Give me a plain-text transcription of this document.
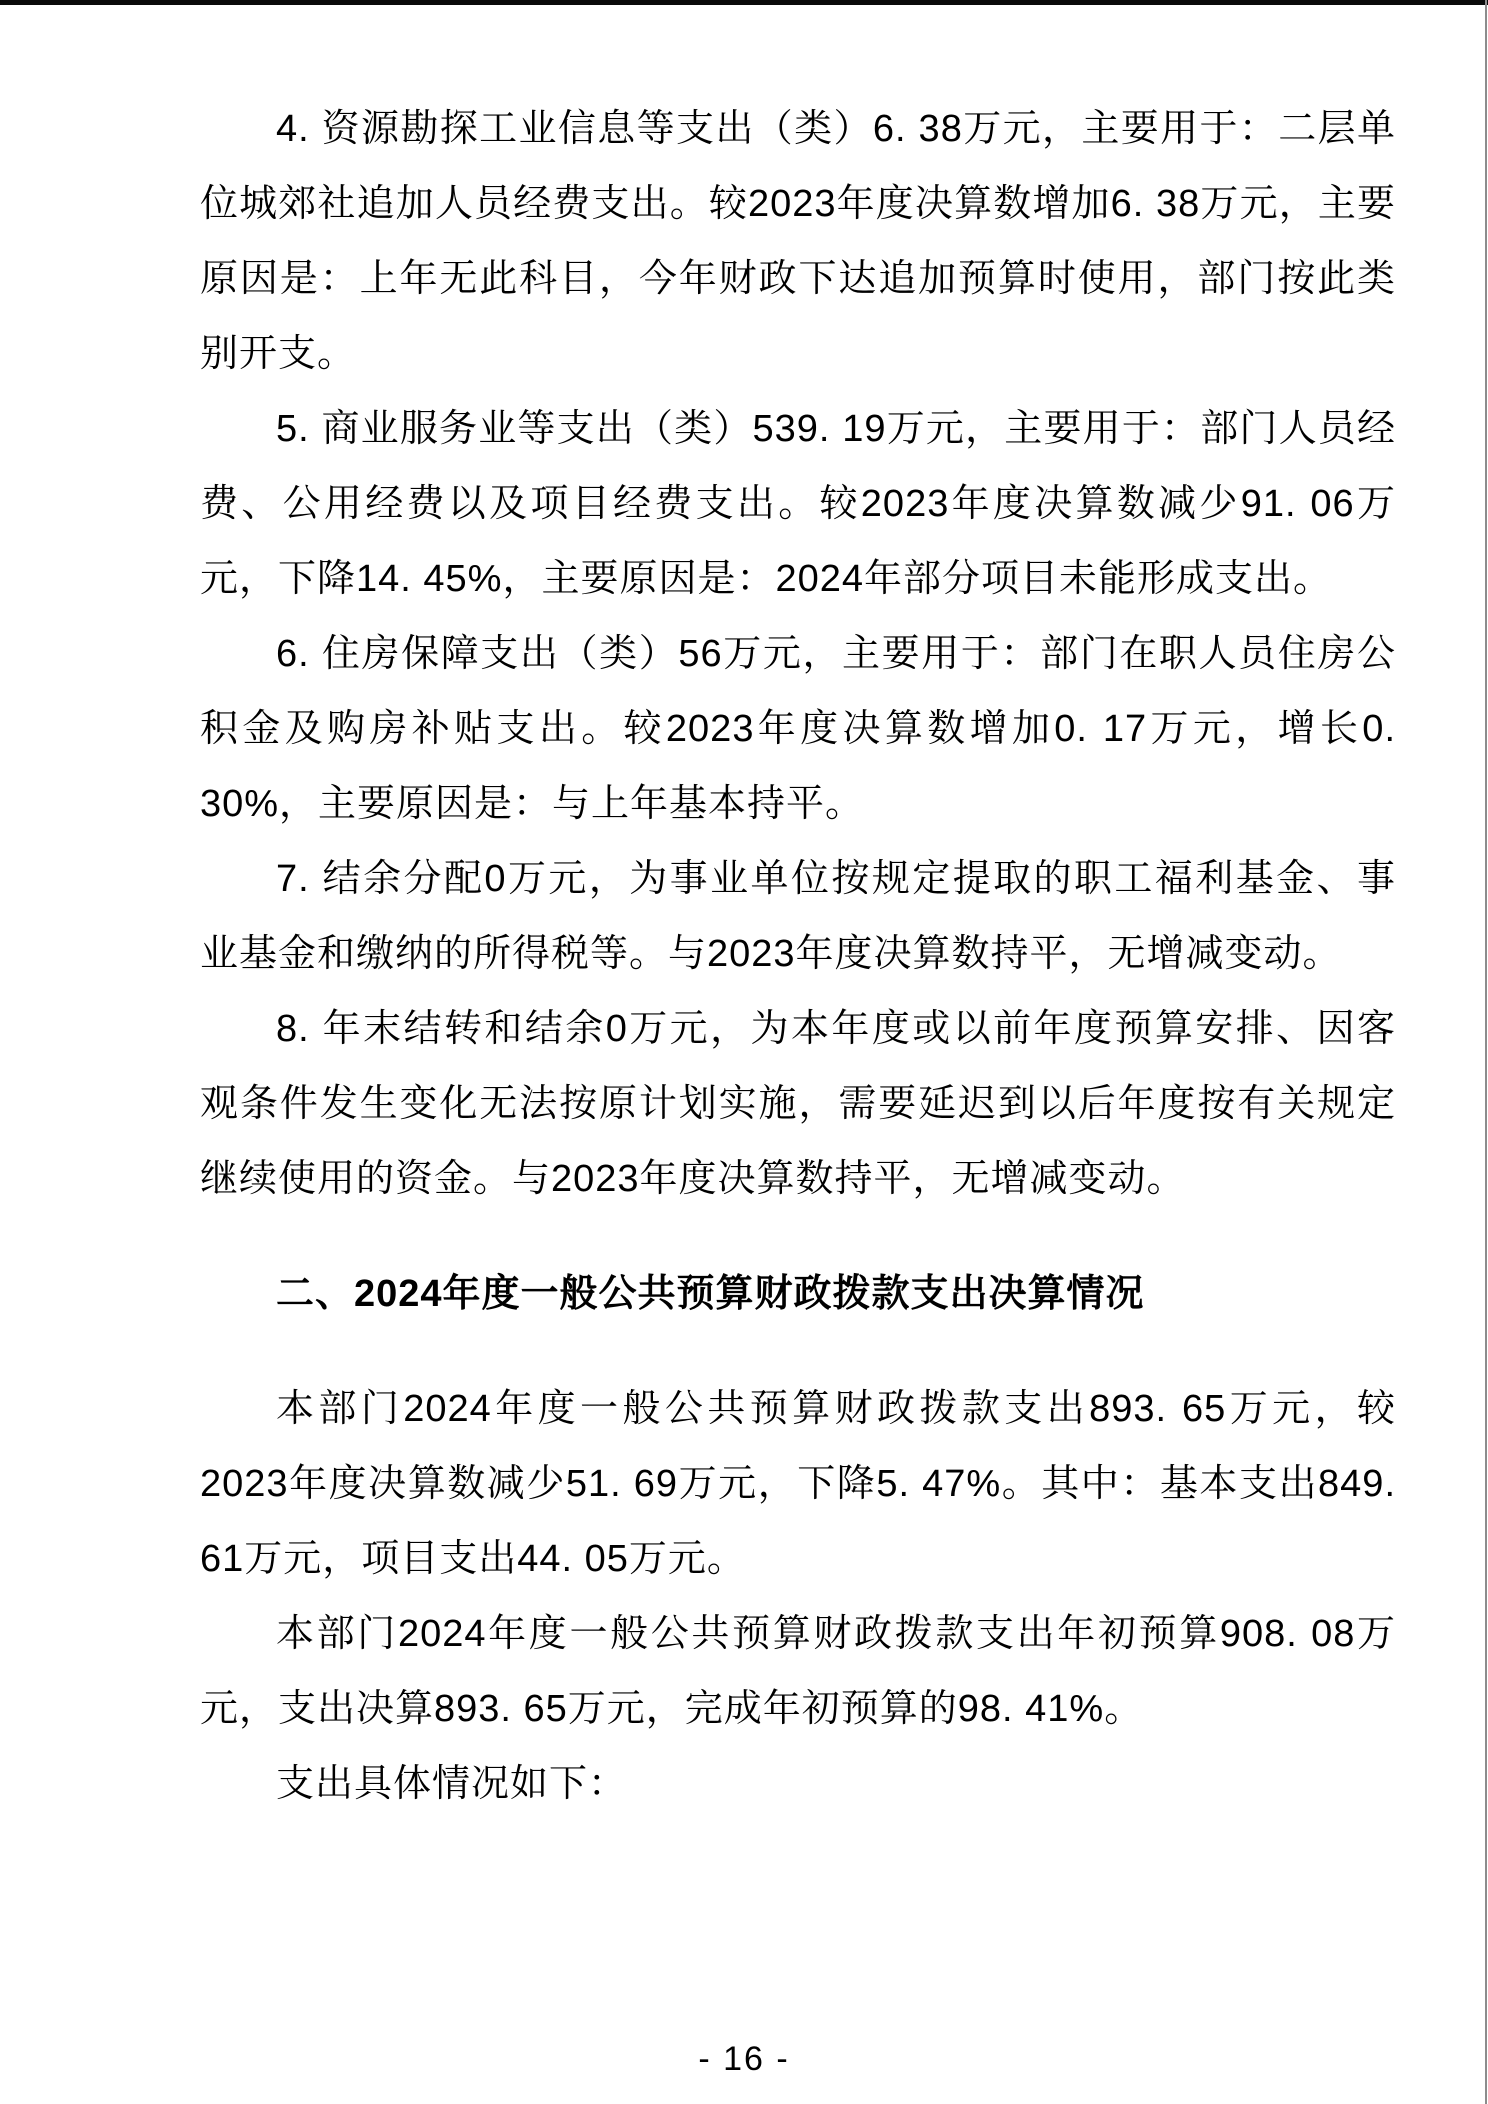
4. 资源勘探工业信息等支出（类）6. 38万元，主要用于：二层单位城郊社追加人员经费支出。较2023年度决算数增加6. 38万元，主要原因是：上年无此科目，今年财政下达追加预算时使用，部门按此类别开支。

5. 商业服务业等支出（类）539. 19万元，主要用于：部门人员经费、公用经费以及项目经费支出。较2023年度决算数减少91. 06万元，下降14. 45%，主要原因是：2024年部分项目未能形成支出。

6. 住房保障支出（类）56万元，主要用于：部门在职人员住房公积金及购房补贴支出。较2023年度决算数增加0. 17万元，增长0. 30%，主要原因是：与上年基本持平。

7. 结余分配0万元，为事业单位按规定提取的职工福利基金、事业基金和缴纳的所得税等。与2023年度决算数持平，无增减变动。

8. 年末结转和结余0万元，为本年度或以前年度预算安排、因客观条件发生变化无法按原计划实施，需要延迟到以后年度按有关规定继续使用的资金。与2023年度决算数持平，无增减变动。

二、2024年度一般公共预算财政拨款支出决算情况

本部门2024年度一般公共预算财政拨款支出893. 65万元，较2023年度决算数减少51. 69万元，下降5. 47%。其中：基本支出849. 61万元，项目支出44. 05万元。

本部门2024年度一般公共预算财政拨款支出年初预算908. 08万元，支出决算893. 65万元，完成年初预算的98. 41%。

支出具体情况如下：

- 16 -
